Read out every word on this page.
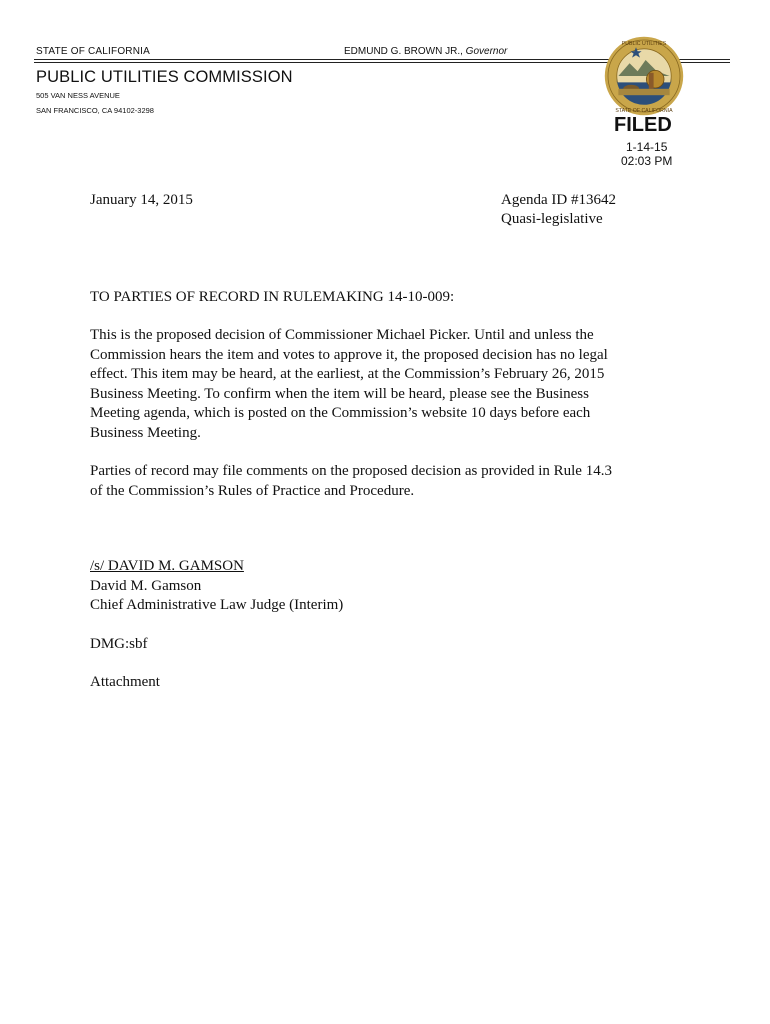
STATE OF CALIFORNIA	EDMUND G. BROWN JR., Governor
PUBLIC UTILITIES COMMISSION
505 VAN NESS AVENUE
SAN FRANCISCO, CA 94102-3298
PUBLIC UTILITIES
STATE OF CALIFORNIA
FILED
1-14-15
02:03 PM
January 14, 2015	Agenda ID #13642
Quasi-legislative
TO PARTIES OF RECORD IN RULEMAKING 14-10-009:
This is the proposed decision of Commissioner Michael Picker. Until and unless the
Commission hears the item and votes to approve it, the proposed decision has no legal
effect. This item may be heard, at the earliest, at the Commission’s February 26, 2015
Business Meeting. To confirm when the item will be heard, please see the Business
Meeting agenda, which is posted on the Commission’s website 10 days before each
Business Meeting.
Parties of record may file comments on the proposed decision as provided in Rule 14.3
of the Commission’s Rules of Practice and Procedure.
/s/ DAVID M. GAMSON
David M. Gamson
Chief Administrative Law Judge (Interim)
DMG:sbf
Attachment
